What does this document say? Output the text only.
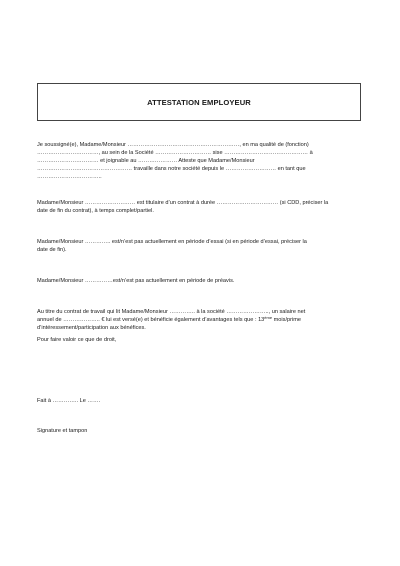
ATTESTATION EMPLOYEUR

Je soussigné(e), Madame/Monsieur ……………………………………………………, en ma qualité de (fonction)
……………………………, au sein de la Société ………………………… sise ……………………………………… à
…………………………… et joignable au ………………… Atteste que Madame/Monsieur
…………………………………………… travaille dans notre société depuis le ……………………… en tant que
……………………………..

Madame/Monsieur ……………………… est titulaire d’un contrat à durée …………………………… (si CDD, préciser la
date de fin du contrat), à temps complet/partiel.

Madame/Monsieur ………….. est/n’est pas actuellement en période d’essai (si en période d’essai, préciser la
date de fin).

Madame/Monsieur ……………est/n’est pas actuellement en période de préavis.

Au titre du contrat de travail qui lit Madame/Monsieur ………….. à la société ………………….., un salaire net
annuel de ……………….. € lui est versé(e) et bénéficie également d’avantages tels que : 13ème mois/prime
d’intéressement/participation aux bénéfices.

Pour faire valoir ce que de droit,

Fait à ………….. Le …….

Signature et tampon
